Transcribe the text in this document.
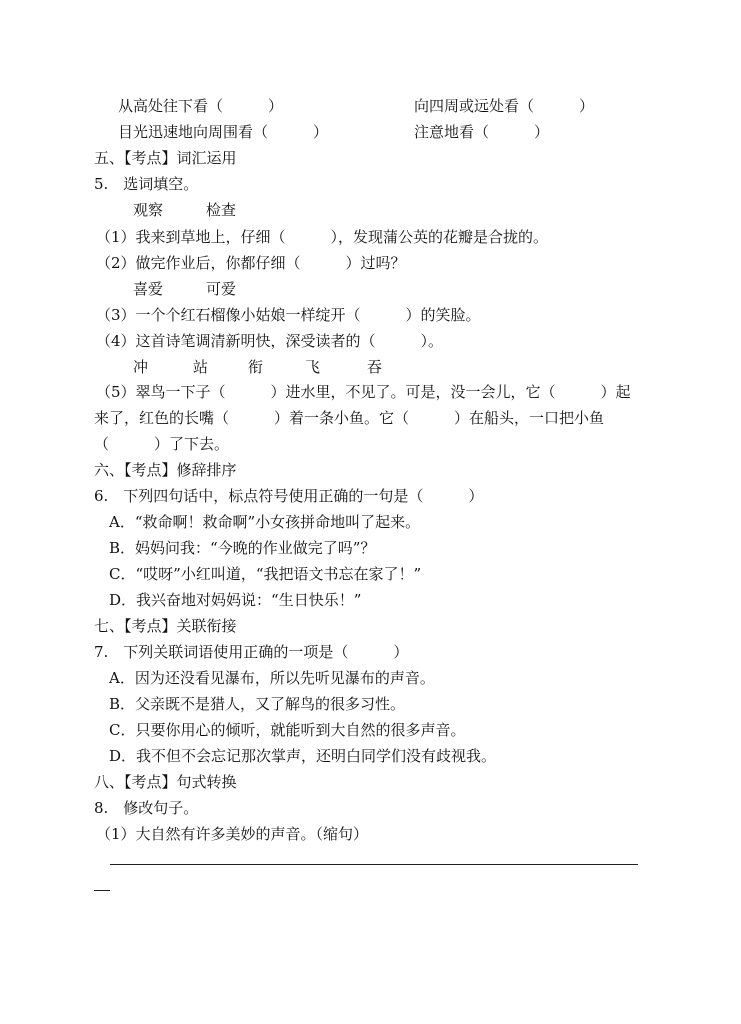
从高处往下看（　　　）	向四周或远处看（　　　）
目光迅速地向周围看（　　　）	注意地看（　　　）
五、【考点】词汇运用
5.　选词填空。
观察	检查
（1）我来到草地上，仔细（　　　），发现蒲公英的花瓣是合拢的。
（2）做完作业后，你都仔细（　　　）过吗？
喜爱	可爱
（3）一个个红石榴像小姑娘一样绽开（　　　）的笑脸。
（4）这首诗笔调清新明快，深受读者的（　　　）。
冲	站	衔	飞	吞
（5）翠鸟一下子（　　　）进水里，不见了。可是，没一会儿，它（　　　）起
来了，红色的长嘴（　　　）着一条小鱼。它（　　　）在船头，一口把小鱼
（　　　）了下去。
六、【考点】修辞排序
6.　下列四句话中，标点符号使用正确的一句是（　　　）
A．“救命啊！救命啊”小女孩拼命地叫了起来。
B．妈妈问我：“今晚的作业做完了吗”？
C．“哎呀”小红叫道，“我把语文书忘在家了！”
D．我兴奋地对妈妈说：“生日快乐！”
七、【考点】关联衔接
7.　下列关联词语使用正确的一项是（　　　）
A．因为还没看见瀑布，所以先听见瀑布的声音。
B．父亲既不是猎人，又了解鸟的很多习性。
C．只要你用心的倾听，就能听到大自然的很多声音。
D．我不但不会忘记那次掌声，还明白同学们没有歧视我。
八、【考点】句式转换
8.　修改句子。
（1）大自然有许多美妙的声音。（缩句）
